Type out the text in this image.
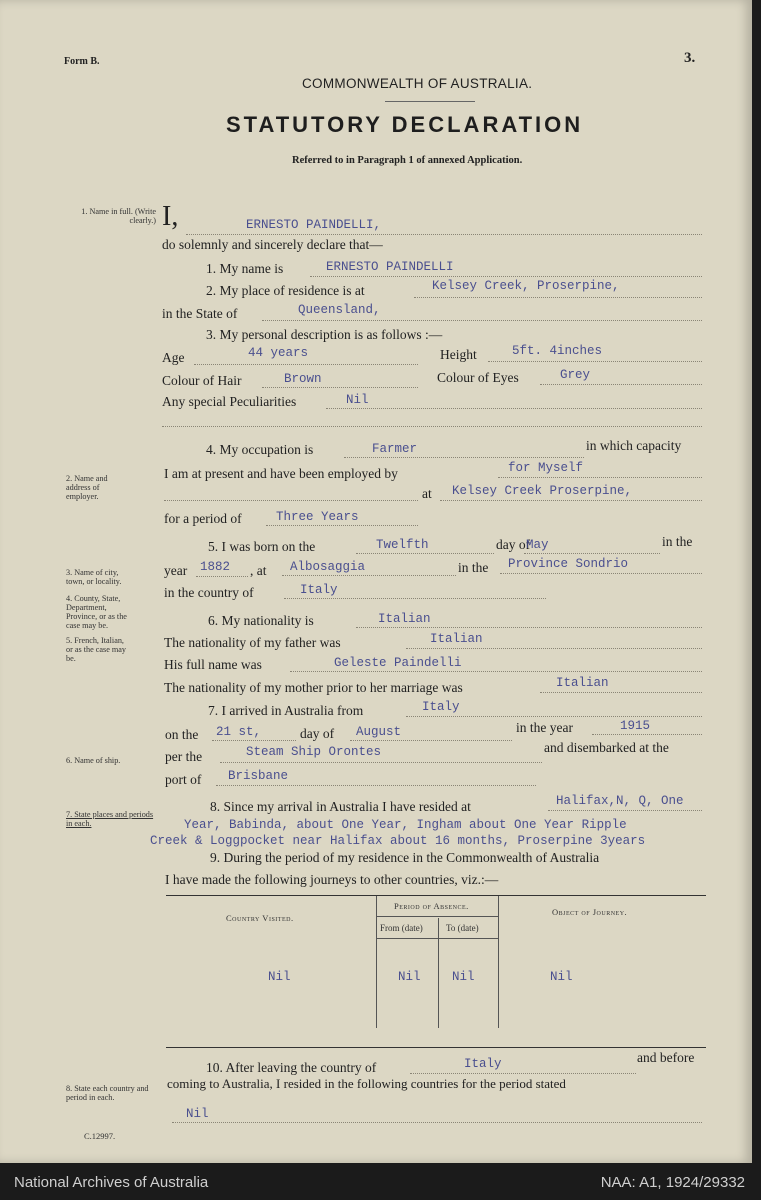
Form B.	3.
COMMONWEALTH OF AUSTRALIA.
STATUTORY DECLARATION
Referred to in Paragraph 1 of annexed Application.
1. Name in full. (Write clearly.)
2. Name and address of employer.
3. Name of city, town, or locality.
4. County, State, Department, Province, or as the case may be.
5. French, Italian, or as the case may be.
6. Name of ship.
7. State places and periods in each.
8. State each country and period in each.
C.12997.
I,	ERNESTO PAINDELLI,
do solemnly and sincerely declare that—
1. My name is	ERNESTO PAINDELLI
2. My place of residence is at	Kelsey Creek, Proserpine,
in the State of	Queensland,
3. My personal description is as follows :—
Age	44 years	Height	5ft. 4inches
Colour of Hair	Brown	Colour of Eyes	Grey
Any special Peculiarities	Nil
4. My occupation is	Farmer	in which capacity
I am at present and have been employed by	for Myself
at Kelsey Creek Proserpine,
for a period of	Three Years
5. I was born on the	Twelfth	day of
May	in the
year 1882 , at Albosaggia	in the Province Sondrio
in the country of	Italy
6. My nationality is	Italian
The nationality of my father was	Italian
His full name was	Geleste Paindelli
The nationality of my mother prior to her marriage was	Italian
7. I arrived in Australia from	Italy
on the 21 st,	day of August	in the year	1915
per the	Steam Ship Orontes	and disembarked at the
port of Brisbane
8. Since my arrival in Australia I have resided at	Halifax,N, Q, One
Year, Babinda, about One Year, Ingham about One Year Ripple
Creek & Loggpocket near Halifax about 16 months, Proserpine 3years
9. During the period of my residence in the Commonwealth of Australia
I have made the following journeys to other countries, viz.:—
Country Visited.
Period of Absence.
From (date)	To (date)
Object of Journey.
Nil	Nil	Nil	Nil
10. After leaving the country of	Italy	and before
coming to Australia, I resided in the following countries for the period stated
Nil
National Archives of Australia	NAA: A1, 1924/29332
